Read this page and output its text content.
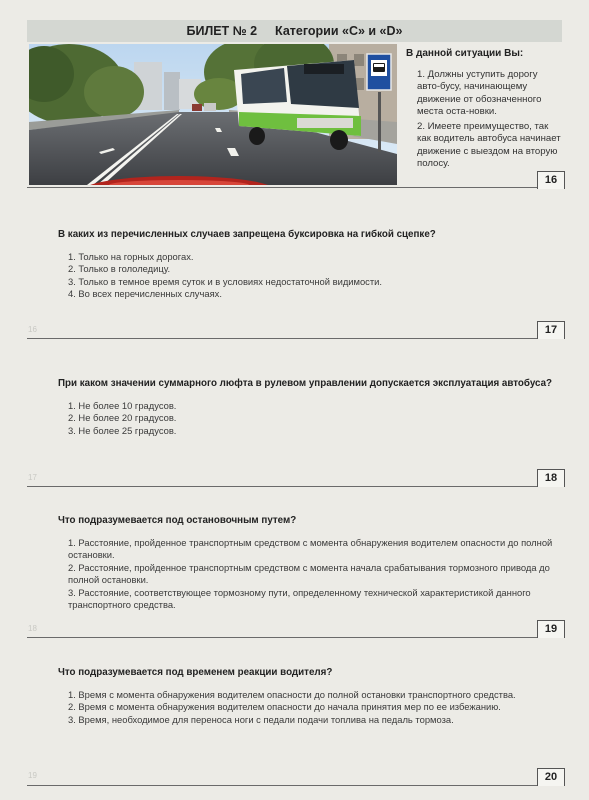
БИЛЕТ № 2 Категории «С» и «D»
В данной ситуации Вы:
1. Должны уступить дорогу авто-бусу, начинающему движение от обозначенного места оста-новки.
2. Имеете преимущество, так как водитель автобуса начинает движение с выездом на вторую полосу.
16
В каких из перечисленных случаев запрещена буксировка на гибкой сцепке?
1. Только на горных дорогах.
2. Только в гололедицу.
3. Только в темное время суток и в условиях недостаточной видимости.
4. Во всех перечисленных случаях.
16	17
При каком значении суммарного люфта в рулевом управлении допускается эксплуатация автобуса?
1. Не более 10 градусов.
2. Не более 20 градусов.
3. Не более 25 градусов.
17	18
Что подразумевается под остановочным путем?
1. Расстояние, пройденное транспортным средством с момента обнаружения водителем опасности до полной остановки.
2. Расстояние, пройденное транспортным средством с момента начала срабатывания тормозного привода до полной остановки.
3. Расстояние, соответствующее тормозному пути, определенному технической характеристикой данного транспортного средства.
18	19
Что подразумевается под временем реакции водителя?
1. Время с момента обнаружения водителем опасности до полной остановки транспортного средства.
2. Время с момента обнаружения водителем опасности до начала принятия мер по ее избежанию.
3. Время, необходимое для переноса ноги с педали подачи топлива на педаль тормоза.
19	20
